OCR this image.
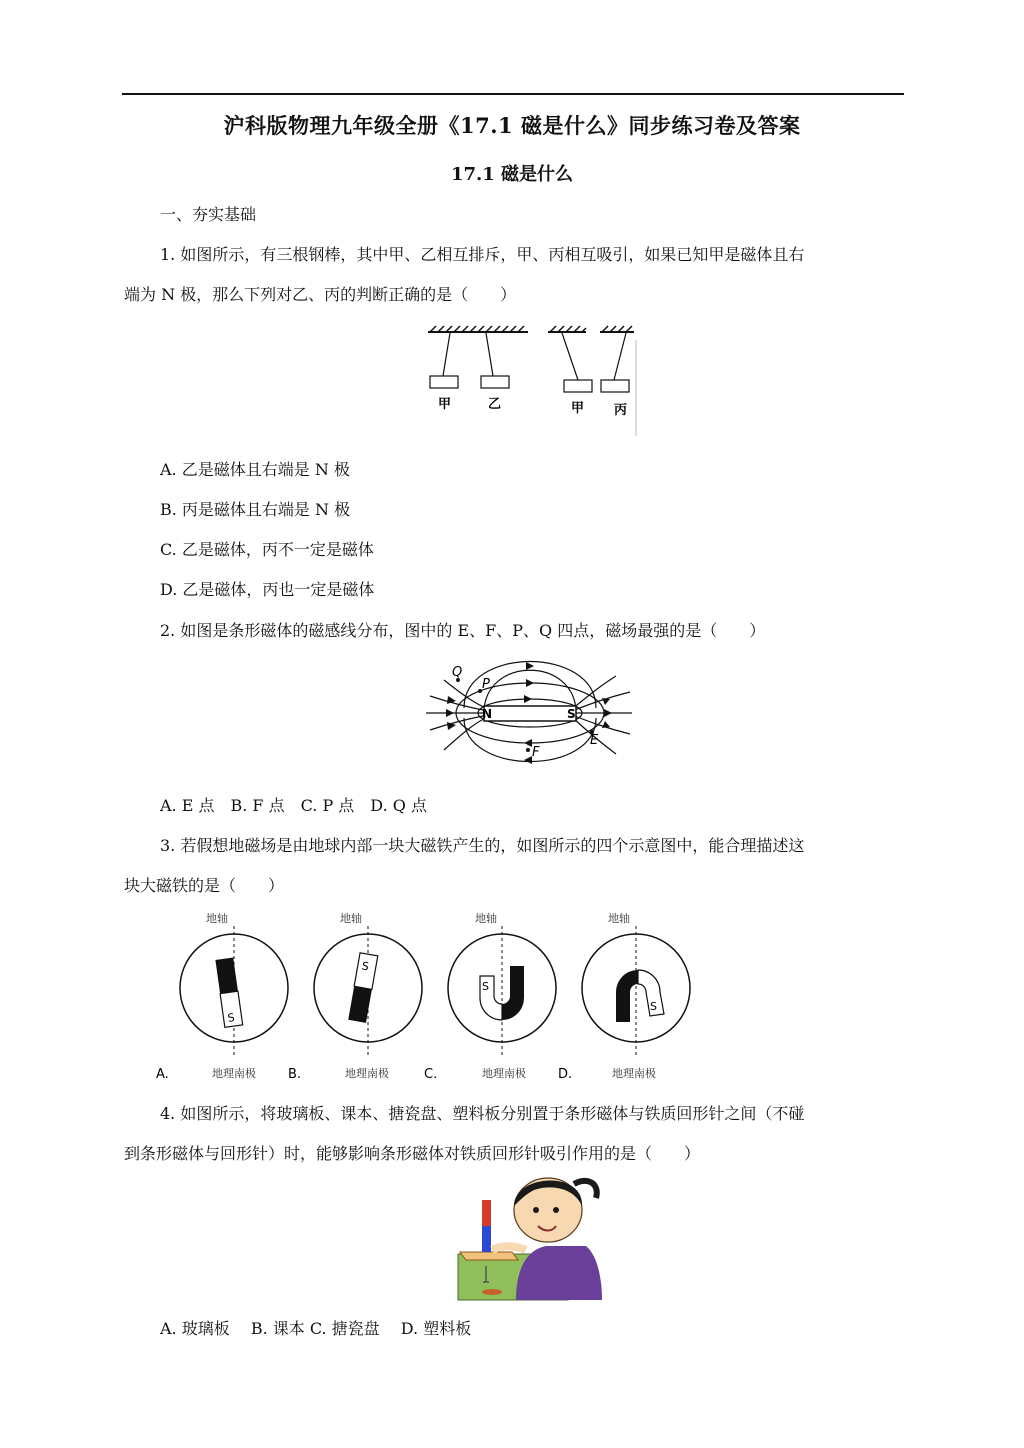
沪科版物理九年级全册《17.1 磁是什么》同步练习卷及答案
17.1 磁是什么
一、夯实基础
1. 如图所示，有三根钢棒，其中甲、乙相互排斥，甲、丙相互吸引，如果已知甲是磁体且右
端为 N 极，那么下列对乙、丙的判断正确的是（　　）
甲	乙	甲 丙
A. 乙是磁体且右端是 N 极
B. 丙是磁体且右端是 N 极
C. 乙是磁体，丙不一定是磁体
D. 乙是磁体，丙也一定是磁体
2. 如图是条形磁体的磁感线分布，图中的 E、F、P、Q 四点，磁场最强的是（　　）
N	S
Q
P
F
E
A. E 点　B. F 点　C. P 点　D. Q 点
3. 若假想地磁场是由地球内部一块大磁铁产生的，如图所示的四个示意图中，能合理描述这
块大磁铁的是（　　）
地轴
S
地理南极
A.
地轴
S
地理南极
B.
地轴
S
地理南极
C.
地轴
S
地理南极
D.
4. 如图所示，将玻璃板、课本、搪瓷盘、塑料板分别置于条形磁体与铁质回形针之间（不碰
到条形磁体与回形针）时，能够影响条形磁体对铁质回形针吸引作用的是（　　）
A. 玻璃板　 B. 课本 C. 搪瓷盘　 D. 塑料板
